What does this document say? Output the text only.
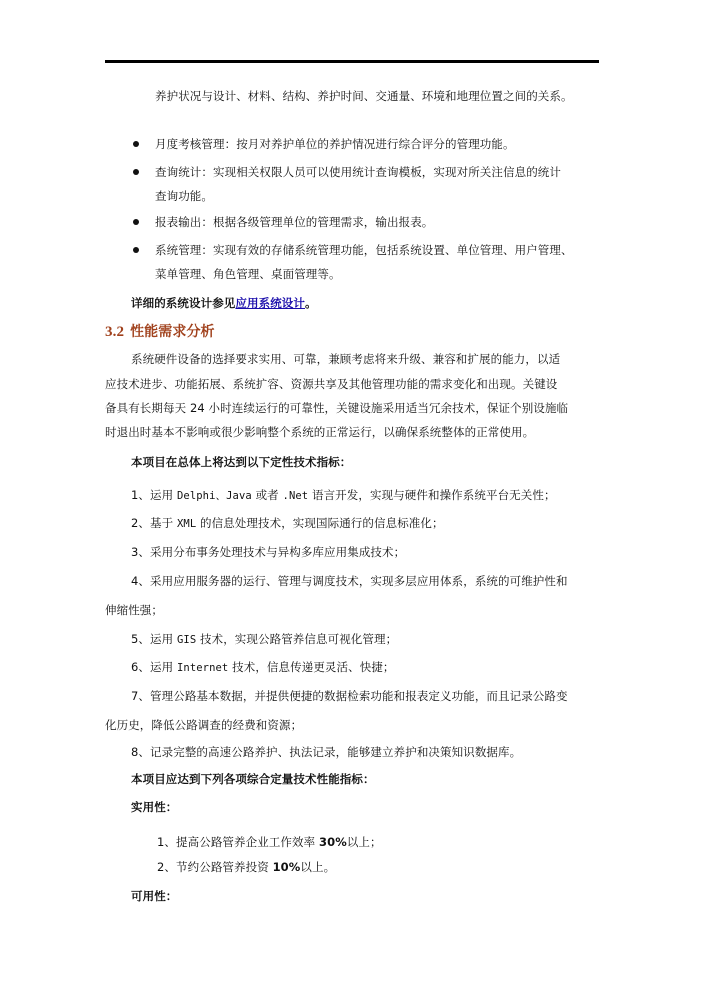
养护状况与设计、材料、结构、养护时间、交通量、环境和地理位置之间的关系。
月度考核管理：按月对养护单位的养护情况进行综合评分的管理功能。
查询统计：实现相关权限人员可以使用统计查询模板，实现对所关注信息的统计
查询功能。
报表输出：根据各级管理单位的管理需求，输出报表。
系统管理：实现有效的存储系统管理功能，包括系统设置、单位管理、用户管理、
菜单管理、角色管理、桌面管理等。
详细的系统设计参见应用系统设计。
3.2 性能需求分析
系统硬件设备的选择要求实用、可靠，兼顾考虑将来升级、兼容和扩展的能力，以适
应技术进步、功能拓展、系统扩容、资源共享及其他管理功能的需求变化和出现。关键设
备具有长期每天 24 小时连续运行的可靠性，关键设施采用适当冗余技术，保证个别设施临
时退出时基本不影响或很少影响整个系统的正常运行，以确保系统整体的正常使用。
本项目在总体上将达到以下定性技术指标：
1、运用 Delphi、Java 或者 .Net 语言开发，实现与硬件和操作系统平台无关性；
2、基于 XML 的信息处理技术，实现国际通行的信息标准化；
3、采用分布事务处理技术与异构多库应用集成技术；
4、采用应用服务器的运行、管理与调度技术，实现多层应用体系，系统的可维护性和
伸缩性强；
5、运用 GIS 技术，实现公路管养信息可视化管理；
6、运用 Internet 技术，信息传递更灵活、快捷；
7、管理公路基本数据，并提供便捷的数据检索功能和报表定义功能，而且记录公路变
化历史，降低公路调查的经费和资源；
8、记录完整的高速公路养护、执法记录，能够建立养护和决策知识数据库。
本项目应达到下列各项综合定量技术性能指标：
实用性：
1、提高公路管养企业工作效率 30%以上；
2、节约公路管养投资 10%以上。
可用性：
